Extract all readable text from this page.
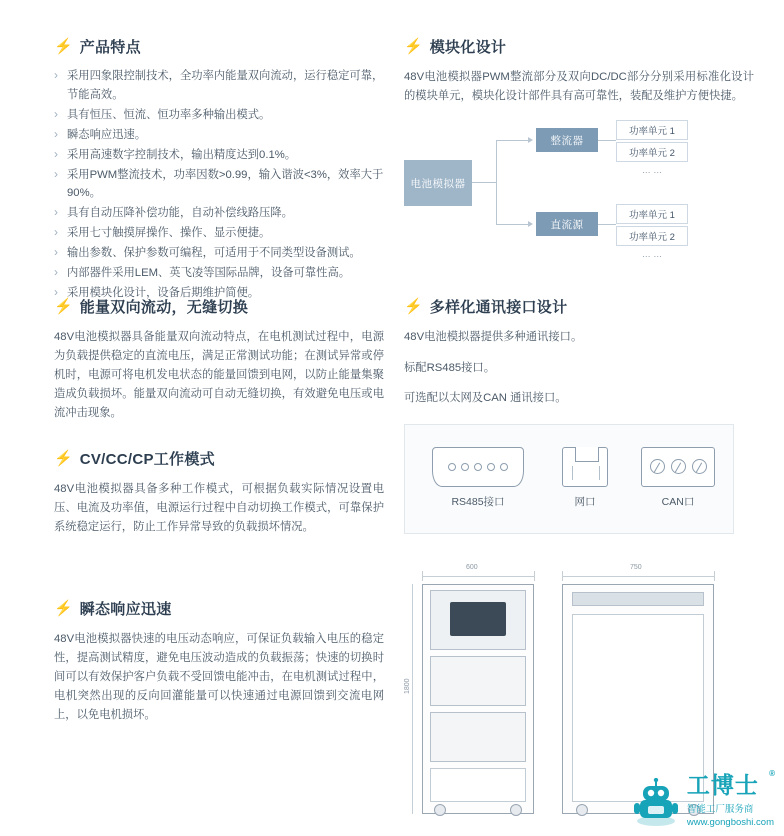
⚡ 产品特点
› 采用四象限控制技术，全功率内能量双向流动，运行稳定可靠，节能高效。
› 具有恒压、恒流、恒功率多种输出模式。
› 瞬态响应迅速。
› 采用高速数字控制技术，输出精度达到0.1%。
› 采用PWM整流技术，功率因数>0.99，输入谐波<3%，效率大于90%。
› 具有自动压降补偿功能，自动补偿线路压降。
› 采用七寸触摸屏操作、操作、显示便捷。
› 输出参数、保护参数可编程，可适用于不同类型设备测试。
› 内部器件采用LEM、英飞凌等国际品牌，设备可靠性高。
› 采用模块化设计，设备后期维护简便。
⚡ 能量双向流动，无缝切换

48V电池模拟器具备能量双向流动特点，在电机测试过程中，电源为负载提供稳定的直流电压，满足正常测试功能；在测试异常或停机时，电源可将电机发电状态的能量回馈到电网，以防止能量集聚造成负载损坏。能量双向流动可自动无缝切换，有效避免电压或电流冲击现象。

⚡ CV/CC/CP工作模式

48V电池模拟器具备多种工作模式，可根据负载实际情况设置电压、电流及功率值，电源运行过程中自动切换工作模式，可靠保护系统稳定运行，防止工作异常导致的负载损坏情况。

⚡ 瞬态响应迅速

48V电池模拟器快速的电压动态响应，可保证负载输入电压的稳定性，提高测试精度，避免电压波动造成的负载振荡；快速的切换时间可以有效保护客户负载不受回馈电能冲击，在电机测试过程中，电机突然出现的反向回灌能量可以快速通过电源回馈到交流电网上，以免电机损坏。

⚡ 模块化设计

48V电池模拟器PWM整流部分及双向DC/DC部分分别采用标准化设计的模块单元，模块化设计部件具有高可靠性，装配及维护方便快捷。

电池模拟器
整流器
直流源
功率单元 1
功率单元 2
… …
功率单元 1
功率单元 2
… …
⚡ 多样化通讯接口设计

48V电池模拟器提供多种通讯接口。

标配RS485接口。

可选配以太网及CAN 通讯接口。

RS485接口	网口	CAN口
600	750
1800
工博士 ®
智能工厂服务商
www.gongboshi.com
